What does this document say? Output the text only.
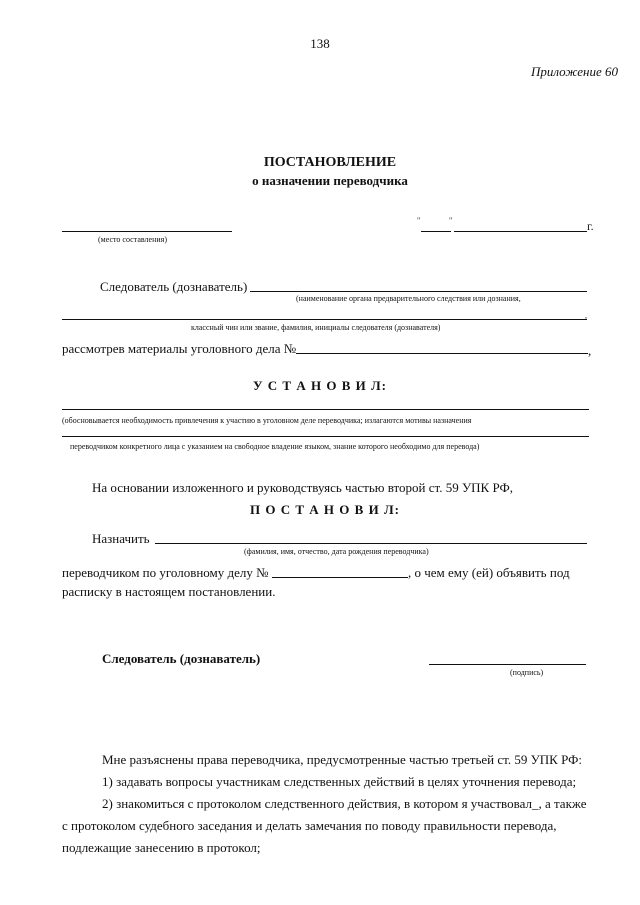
138
Приложение 60
ПОСТАНОВЛЕНИЕ
о назначении переводчика
(место составления)
"	"	г.
Следователь (дознаватель)
(наименование органа предварительного следствия или дознания,
,
классный чин или звание, фамилия, инициалы следователя (дознавателя)
рассмотрев материалы уголовного дела №	,
У С Т А Н О В И Л:
(обосновывается необходимость привлечения к участию в уголовном деле переводчика; излагаются мотивы назначения
переводчиком конкретного лица с указанием на свободное владение языком, знание которого необходимо для перевода)
На основании изложенного и руководствуясь частью второй ст. 59 УПК РФ,
П О С Т А Н О В И Л:
Назначить
(фамилия, имя, отчество, дата рождения переводчика)
переводчиком по уголовному делу №	, о чем ему (ей) объявить под
расписку в настоящем постановлении.
Следователь (дознаватель)
(подпись)
Мне разъяснены права переводчика, предусмотренные частью третьей ст. 59 УПК РФ:
1) задавать вопросы участникам следственных действий в целях уточнения перевода;
2) знакомиться с протоколом следственного действия, в котором я участвовал_, а также
с протоколом судебного заседания и делать замечания по поводу правильности перевода,
подлежащие занесению в протокол;
